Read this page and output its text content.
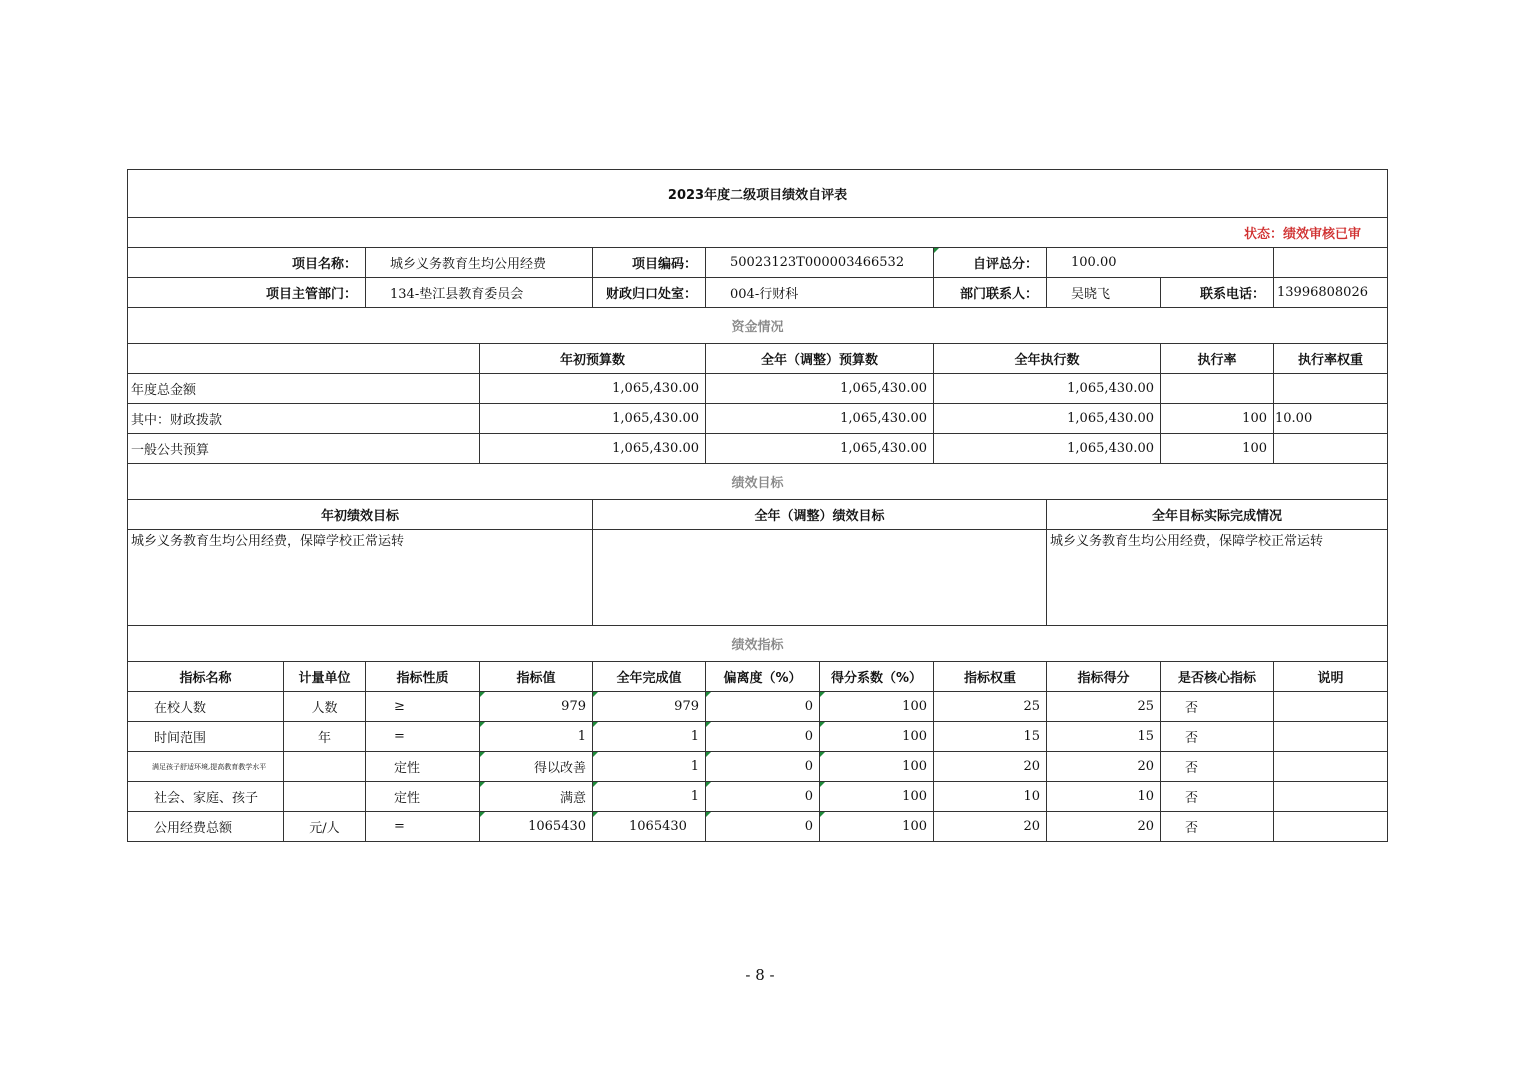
2023年度二级项目绩效自评表											
状态：绩效审核已审											
项目名称：		城乡义务教育生均公用经费		项目编码：	50023123T000003466532		自评总分：	100.00			
项目主管部门：		134-垫江县教育委员会		财政归口处室：	004-行财科		部门联系人：	吴晓飞	联系电话：	13996808026	
资金情况											
			年初预算数		全年（调整）预算数		全年执行数		执行率	执行率权重	
年度总金额			1,065,430.00		1,065,430.00		1,065,430.00				
其中：财政拨款			1,065,430.00		1,065,430.00		1,065,430.00		100	10.00	
一般公共预算			1,065,430.00		1,065,430.00		1,065,430.00		100		
绩效目标											
年初绩效目标				全年（调整）绩效目标				全年目标实际完成情况			
城乡义务教育生均公用经费，保障学校正常运转								城乡义务教育生均公用经费，保障学校正常运转			
绩效指标											
指标名称	计量单位	指标性质	指标值	全年完成值	偏离度（%）	得分系数（%）	指标权重	指标得分	是否核心指标	说明	
在校人数	人数	≥	979	979	0	100	25	25	否		
时间范围	年	=	1	1	0	100	15	15	否		
满足孩子舒适环境,提高教育教学水平		定性	得以改善	1	0	100	20	20	否		
社会、家庭、孩子		定性	满意	1	0	100	10	10	否		
公用经费总额	元/人	=	1065430	1065430	0	100	20	20	否		
- 8 -
